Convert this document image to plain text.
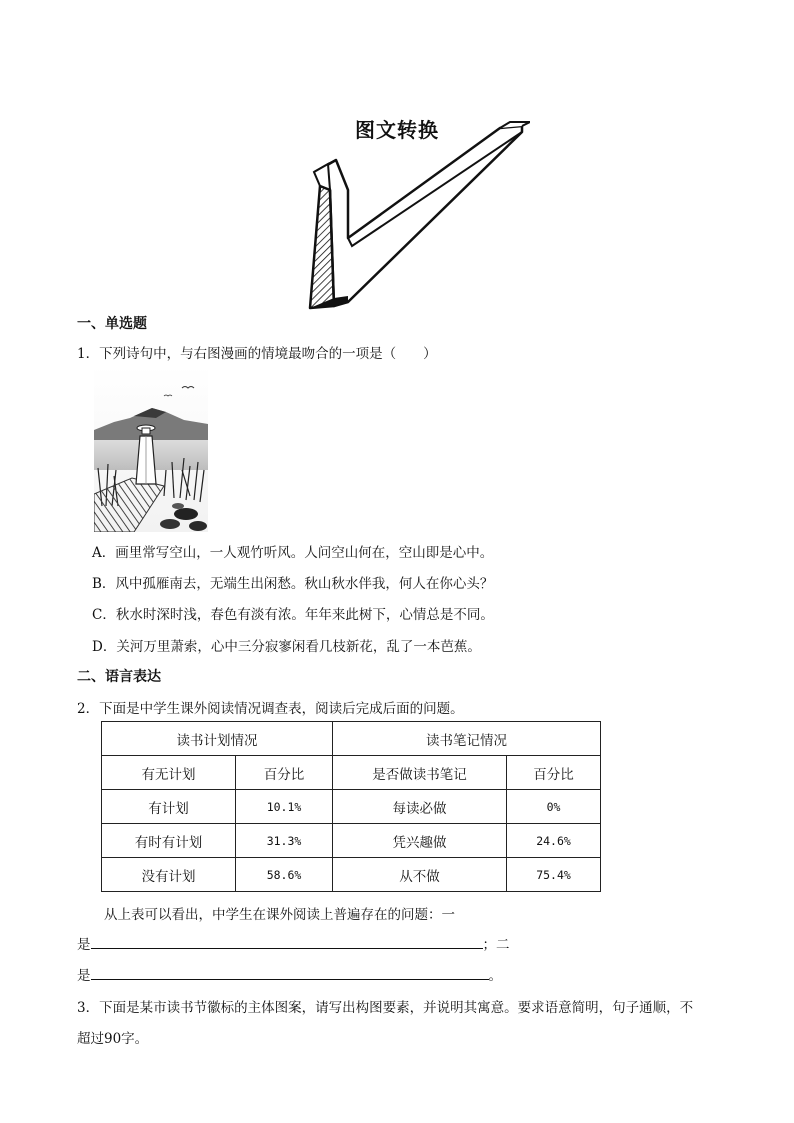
图文转换
一、单选题
1．下列诗句中，与右图漫画的情境最吻合的一项是（　　）
A．画里常写空山，一人观竹听风。人问空山何在，空山即是心中。
B．风中孤雁南去，无端生出闲愁。秋山秋水伴我，何人在你心头？
C．秋水时深时浅，春色有淡有浓。年年来此树下，心情总是不同。
D．关河万里萧索，心中三分寂寥闲看几枝新花，乱了一本芭蕉。
二、语言表达
2．下面是中学生课外阅读情况调查表，阅读后完成后面的问题。
读书计划情况		读书笔记情况	
有无计划	百分比	是否做读书笔记	百分比
有计划	10.1%	每读必做	0%
有时有计划	31.3%	凭兴趣做	24.6%
没有计划	58.6%	从不做	75.4%
从上表可以看出，中学生在课外阅读上普遍存在的问题：一
是	；二
是	。
3．下面是某市读书节徽标的主体图案，请写出构图要素，并说明其寓意。要求语意简明，句子通顺，不
超过90字。
